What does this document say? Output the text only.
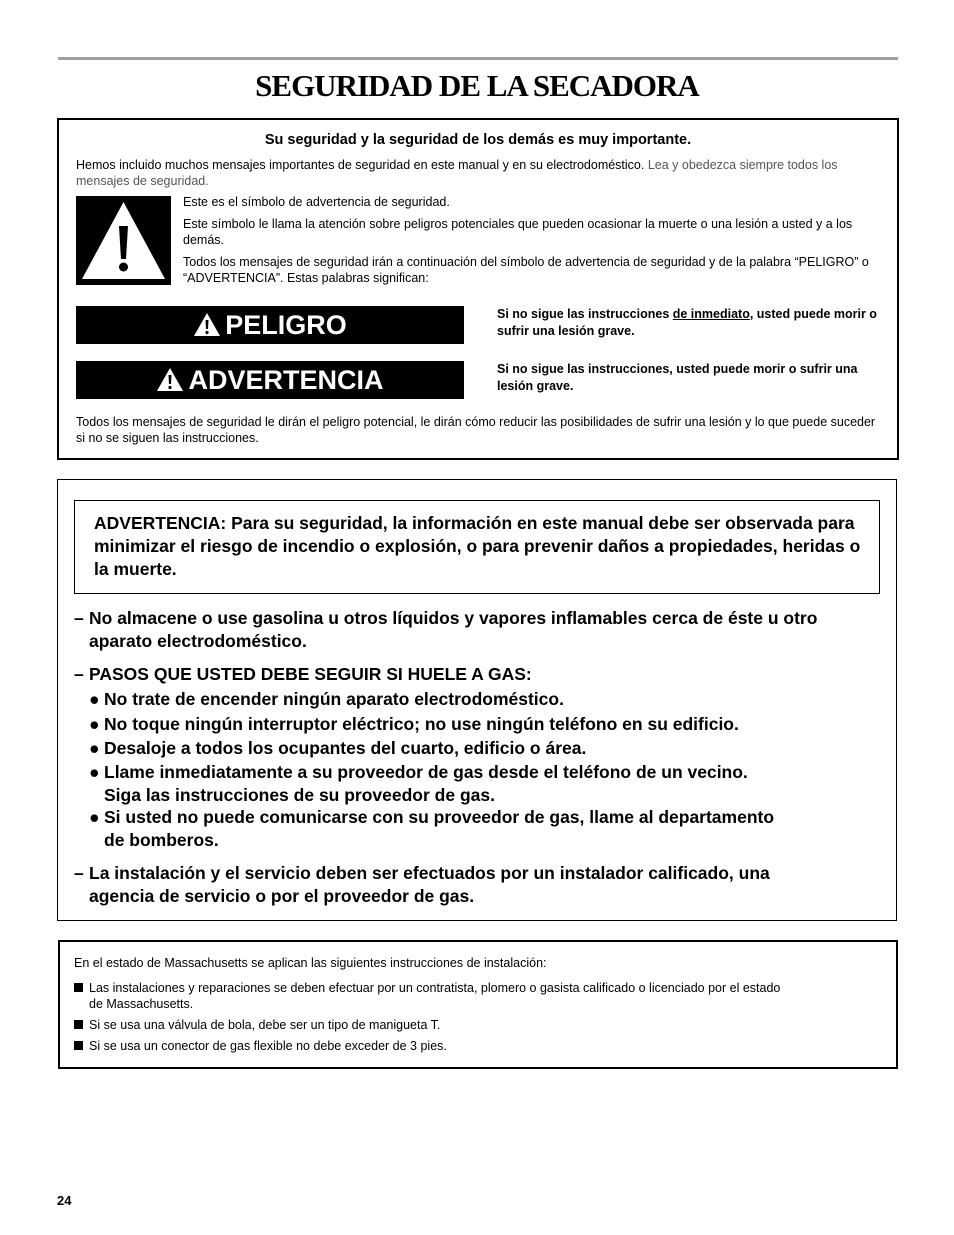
SEGURIDAD DE LA SECADORA
Su seguridad y la seguridad de los demás es muy importante.
Hemos incluido muchos mensajes importantes de seguridad en este manual y en su electrodoméstico. Lea y obedezca siempre todos los mensajes de seguridad.
Este es el símbolo de advertencia de seguridad.
Este símbolo le llama la atención sobre peligros potenciales que pueden ocasionar la muerte o una lesión a usted y a los demás.
Todos los mensajes de seguridad irán a continuación del símbolo de advertencia de seguridad y de la palabra “PELIGRO” o “ADVERTENCIA”. Estas palabras significan:
PELIGRO	Si no sigue las instrucciones de inmediato, usted puede morir o sufrir una lesión grave.
ADVERTENCIA	Si no sigue las instrucciones, usted puede morir o sufrir una lesión grave.
Todos los mensajes de seguridad le dirán el peligro potencial, le dirán cómo reducir las posibilidades de sufrir una lesión y lo que puede suceder si no se siguen las instrucciones.
ADVERTENCIA: Para su seguridad, la información en este manual debe ser observada para minimizar el riesgo de incendio o explosión, o para prevenir daños a propiedades, heridas o la muerte.
– No almacene o use gasolina u otros líquidos y vapores inflamables cerca de éste u otro
aparato electrodoméstico.
– PASOS QUE USTED DEBE SEGUIR SI HUELE A GAS:
● No trate de encender ningún aparato electrodoméstico.
● No toque ningún interruptor eléctrico; no use ningún teléfono en su edificio.
● Desaloje a todos los ocupantes del cuarto, edificio o área.
● Llame inmediatamente a su proveedor de gas desde el teléfono de un vecino.
Siga las instrucciones de su proveedor de gas.
● Si usted no puede comunicarse con su proveedor de gas, llame al departamento
de bomberos.
– La instalación y el servicio deben ser efectuados por un instalador calificado, una
agencia de servicio o por el proveedor de gas.
En el estado de Massachusetts se aplican las siguientes instrucciones de instalación:
Las instalaciones y reparaciones se deben efectuar por un contratista, plomero o gasista calificado o licenciado por el estado
de Massachusetts.
Si se usa una válvula de bola, debe ser un tipo de manigueta T.
Si se usa un conector de gas flexible no debe exceder de 3 pies.
24
